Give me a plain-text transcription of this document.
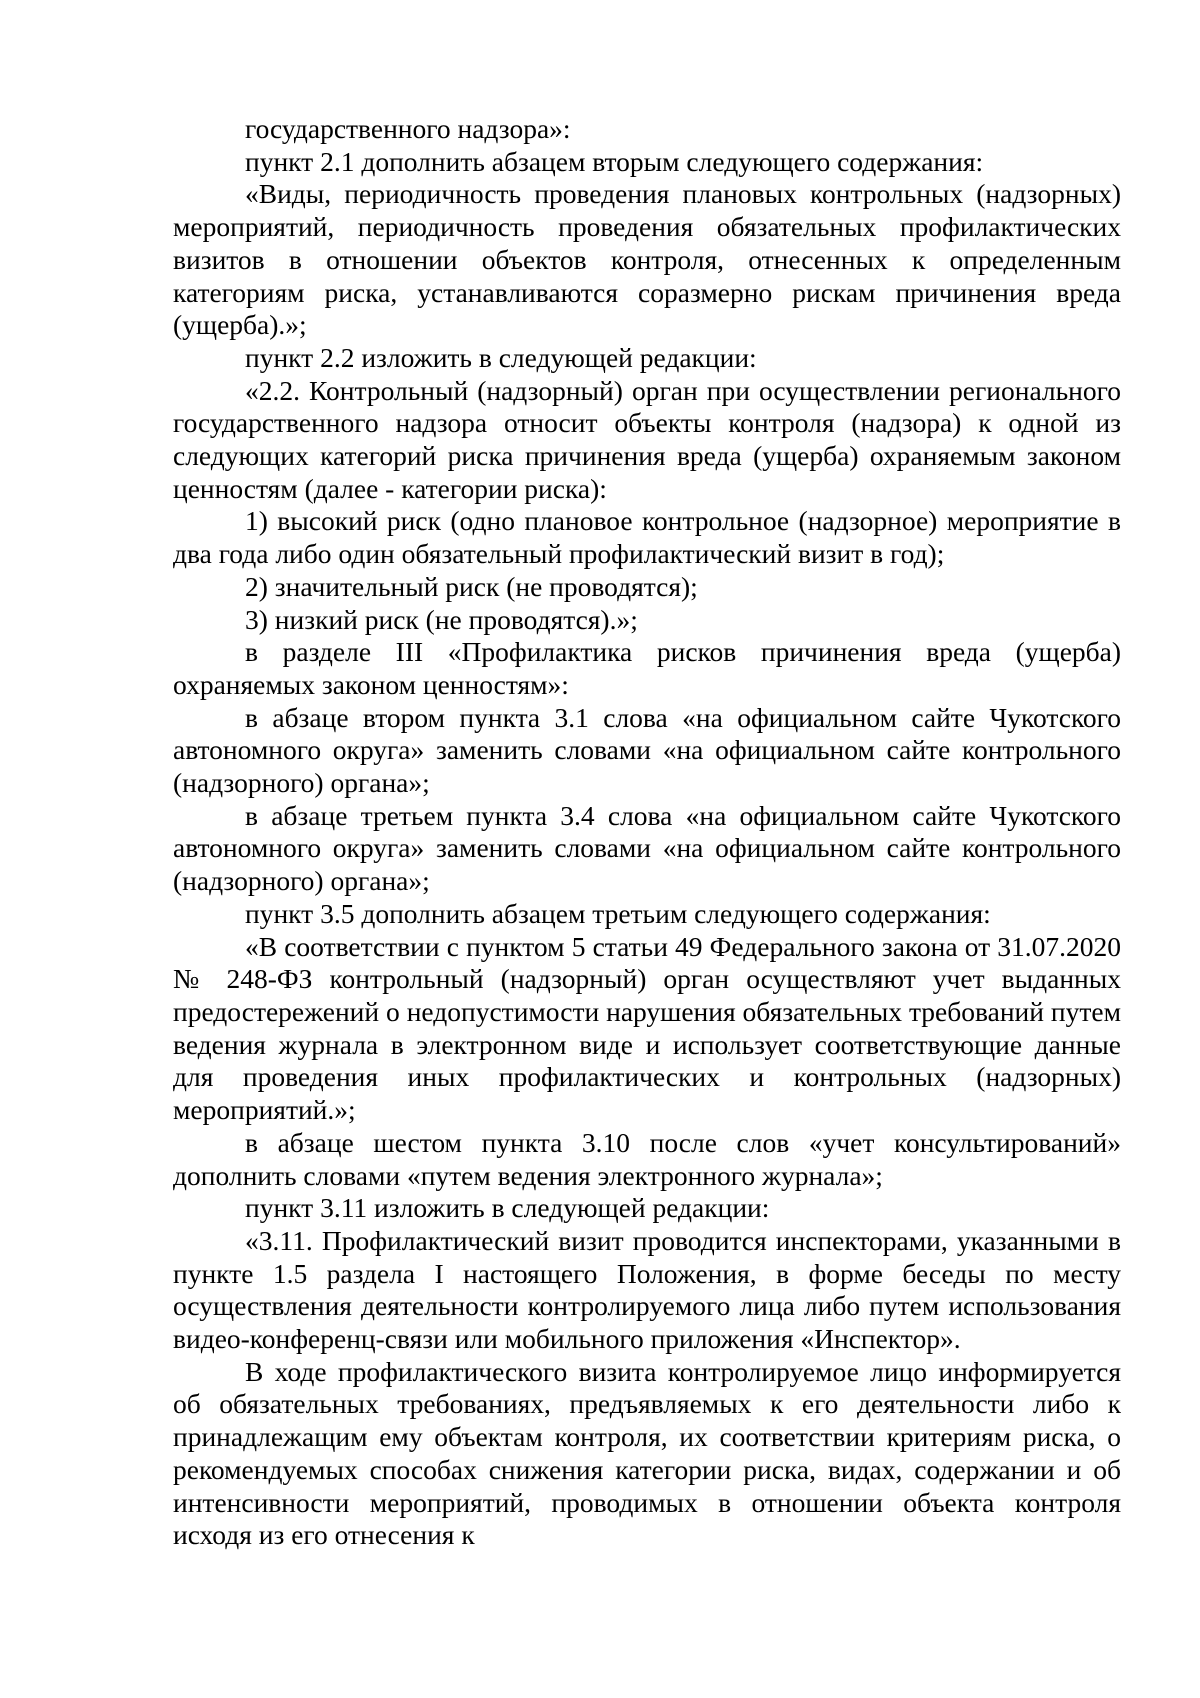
государственного надзора»:

пункт 2.1 дополнить абзацем вторым следующего содержания:

«Виды, периодичность проведения плановых контрольных (надзорных) мероприятий, периодичность проведения обязательных профилактических визитов в отношении объектов контроля, отнесенных к определенным категориям риска, устанавливаются соразмерно рискам причинения вреда (ущерба).»;

пункт 2.2 изложить в следующей редакции:

«2.2. Контрольный (надзорный) орган при осуществлении регионального государственного надзора относит объекты контроля (надзора) к одной из следующих категорий риска причинения вреда (ущерба) охраняемым законом ценностям (далее - категории риска):

1) высокий риск (одно плановое контрольное (надзорное) мероприятие в два года либо один обязательный профилактический визит в год);

2) значительный риск (не проводятся);

3) низкий риск (не проводятся).»;

в разделе III «Профилактика рисков причинения вреда (ущерба) охраняемых законом ценностям»:

в абзаце втором пункта 3.1 слова «на официальном сайте Чукотского автономного округа» заменить словами «на официальном сайте контрольного (надзорного) органа»;

в абзаце третьем пункта 3.4 слова «на официальном сайте Чукотского автономного округа» заменить словами «на официальном сайте контрольного (надзорного) органа»;

пункт 3.5 дополнить абзацем третьим следующего содержания:

«В соответствии с пунктом 5 статьи 49 Федерального закона от 31.07.2020 № 248-ФЗ контрольный (надзорный) орган осуществляют учет выданных предостережений о недопустимости нарушения обязательных требований путем ведения журнала в электронном виде и использует соответствующие данные для проведения иных профилактических и контрольных (надзорных) мероприятий.»;

в абзаце шестом пункта 3.10 после слов «учет консультирований» дополнить словами «путем ведения электронного журнала»;

пункт 3.11 изложить в следующей редакции:

«3.11. Профилактический визит проводится инспекторами, указанными в пункте 1.5 раздела I настоящего Положения, в форме беседы по месту осуществления деятельности контролируемого лица либо путем использования видео-конференц-связи или мобильного приложения «Инспектор».

В ходе профилактического визита контролируемое лицо информируется об обязательных требованиях, предъявляемых к его деятельности либо к принадлежащим ему объектам контроля, их соответствии критериям риска, о рекомендуемых способах снижения категории риска, видах, содержании и об интенсивности мероприятий, проводимых в отношении объекта контроля исходя из его отнесения к
